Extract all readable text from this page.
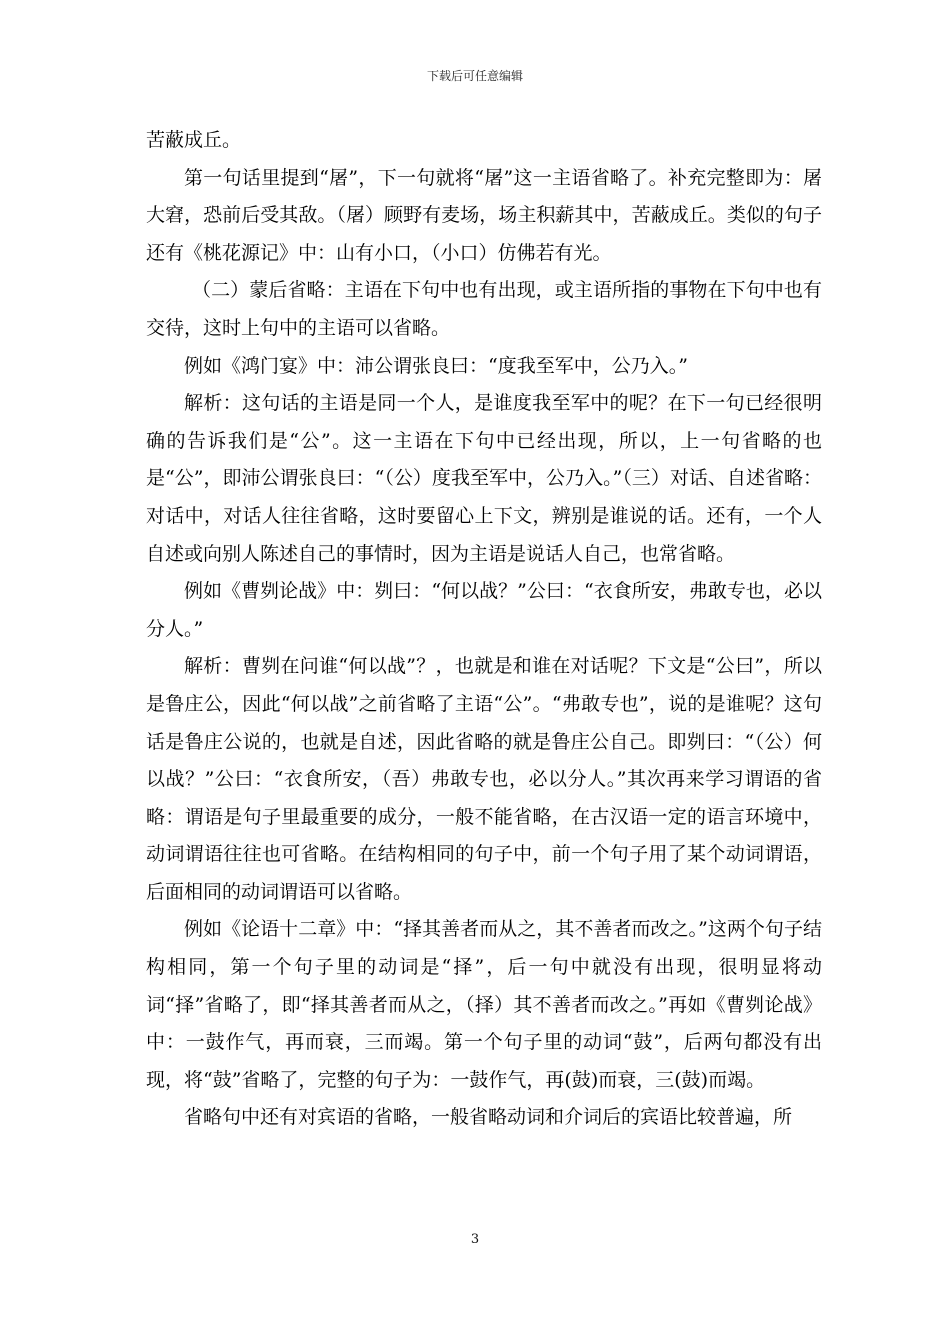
下载后可任意编辑

苦蔽成丘。

第一句话里提到“屠”，下一句就将“屠”这一主语省略了。补充完整即为：屠大窘，恐前后受其敌。（屠）顾野有麦场，场主积薪其中，苦蔽成丘。类似的句子还有《桃花源记》中：山有小口，（小口）仿佛若有光。

（二）蒙后省略：主语在下句中也有出现，或主语所指的事物在下句中也有交待，这时上句中的主语可以省略。

例如《鸿门宴》中：沛公谓张良曰：“度我至军中，公乃入。”

解析：这句话的主语是同一个人，是谁度我至军中的呢？在下一句已经很明确的告诉我们是“公”。这一主语在下句中已经出现，所以，上一句省略的也是“公”，即沛公谓张良曰：“（公）度我至军中，公乃入。”（三）对话、自述省略：对话中，对话人往往省略，这时要留心上下文，辨别是谁说的话。还有，一个人自述或向别人陈述自己的事情时，因为主语是说话人自己，也常省略。

例如《曹刿论战》中：刿曰：“何以战？”公曰：“衣食所安，弗敢专也，必以分人。”

解析：曹刿在问谁“何以战”？，也就是和谁在对话呢？下文是“公曰”，所以是鲁庄公，因此“何以战”之前省略了主语“公”。“弗敢专也”，说的是谁呢？这句话是鲁庄公说的，也就是自述，因此省略的就是鲁庄公自己。即刿曰：“（公）何以战？”公曰：“衣食所安，（吾）弗敢专也，必以分人。”其次再来学习谓语的省略：谓语是句子里最重要的成分，一般不能省略，在古汉语一定的语言环境中，动词谓语往往也可省略。在结构相同的句子中，前一个句子用了某个动词谓语，后面相同的动词谓语可以省略。

例如《论语十二章》中：“择其善者而从之，其不善者而改之。”这两个句子结构相同，第一个句子里的动词是“择”，后一句中就没有出现，很明显将动词“择”省略了，即“择其善者而从之，（择）其不善者而改之。”再如《曹刿论战》中：一鼓作气，再而衰，三而竭。第一个句子里的动词“鼓”，后两句都没有出现，将“鼓”省略了，完整的句子为：一鼓作气，再(鼓)而衰，三(鼓)而竭。

省略句中还有对宾语的省略，一般省略动词和介词后的宾语比较普遍，所

3
